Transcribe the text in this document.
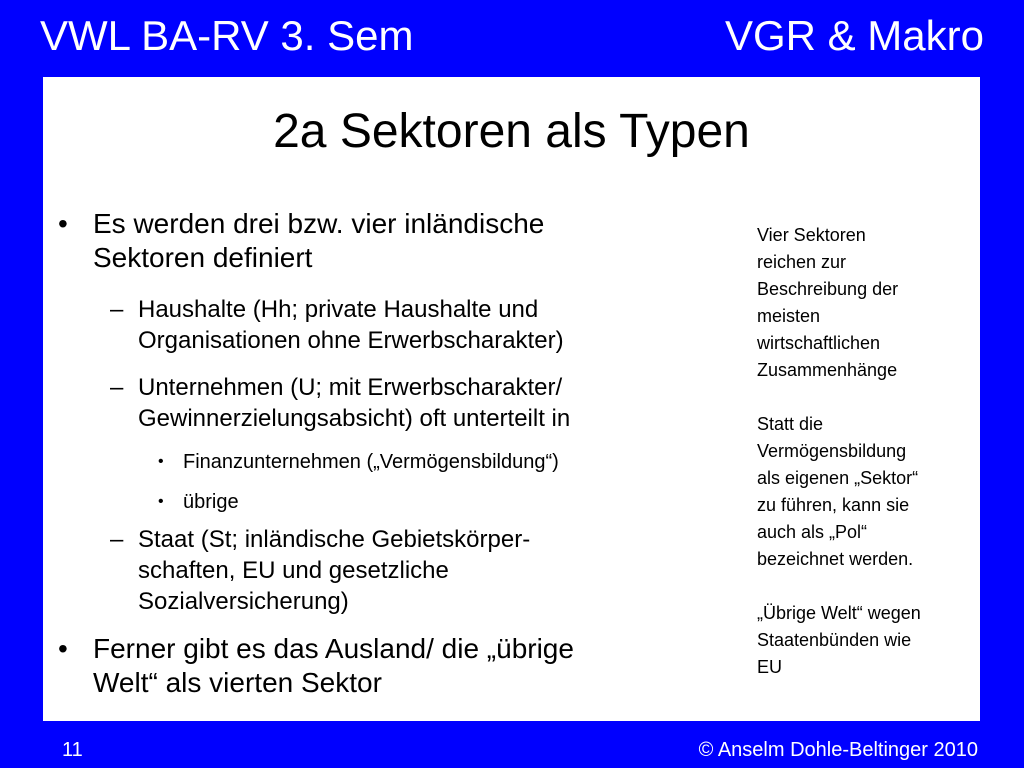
VWL BA-RV 3. Sem	VGR & Makro
2a Sektoren als Typen
• Es werden drei bzw. vier inländische
Sektoren definiert
– Haushalte (Hh; private Haushalte und
Organisationen ohne Erwerbscharakter)
– Unternehmen (U; mit Erwerbscharakter/
Gewinnerzielungsabsicht) oft unterteilt in
• Finanzunternehmen („Vermögensbildung“)
• übrige
– Staat (St; inländische Gebietskörper-
schaften, EU und gesetzliche
Sozialversicherung)
• Ferner gibt es das Ausland/ die „übrige
Welt“ als vierten Sektor
Vier Sektoren
reichen zur
Beschreibung der
meisten
wirtschaftlichen
Zusammenhänge
Statt die
Vermögensbildung
als eigenen „Sektor“
zu führen, kann sie
auch als „Pol“
bezeichnet werden.
„Übrige Welt“ wegen
Staatenbünden wie
EU
11	© Anselm Dohle-Beltinger 2010
